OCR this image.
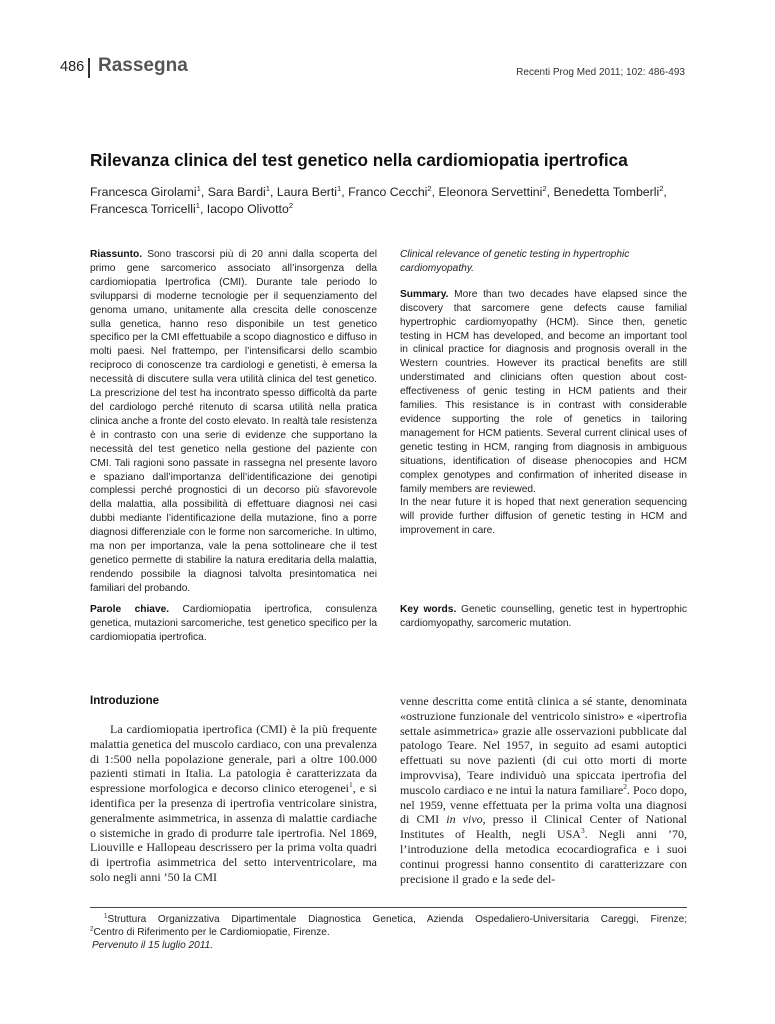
486 Rassegna	Recenti Prog Med 2011; 102: 486-493
Rilevanza clinica del test genetico nella cardiomiopatia ipertrofica
Francesca Girolami$^1$, Sara Bardi$^1$, Laura Berti$^1$, Franco Cecchi$^2$, Eleonora Servettini$^2$, Benedetta Tomberli$^2$,
Francesca Torricelli$^1$, Iacopo Olivotto$^2$
Riassunto. Sono trascorsi più di 20 anni dalla scoperta del primo gene sarcomerico associato all’insorgenza della cardiomiopatia Ipertrofica (CMI). Durante tale periodo lo svilupparsi di moderne tecnologie per il sequenziamento del genoma umano, unitamente alla crescita delle conoscenze sulla genetica, hanno reso disponibile un test genetico specifico per la CMI effettuabile a scopo diagnostico e diffuso in molti paesi. Nel frattempo, per l’intensificarsi dello scambio reciproco di conoscenze tra cardiologi e genetisti, è emersa la necessità di discutere sulla vera utilità clinica del test genetico. La prescrizione del test ha incontrato spesso difficoltà da parte del cardiologo perché ritenuto di scarsa utilità nella pratica clinica anche a fronte del costo elevato. In realtà tale resistenza è in contrasto con una serie di evidenze che supportano la necessità del test genetico nella gestione del paziente con CMI. Tali ragioni sono passate in rassegna nel presente lavoro e spaziano dall’importanza dell’identificazione dei genotipi complessi perché prognostici di un decorso più sfavorevole della malattia, alla possibilità di effettuare diagnosi nei casi dubbi mediante l’identificazione della mutazione, fino a porre diagnosi differenziale con le forme non sarcomeriche. In ultimo, ma non per importanza, vale la pena sottolineare che il test genetico permette di stabilire la natura ereditaria della malattia, rendendo possibile la diagnosi talvolta presintomatica nei familiari del probando.
Clinical relevance of genetic testing in hypertrophic cardiomyopathy.
Summary. More than two decades have elapsed since the discovery that sarcomere gene defects cause familial hypertrophic cardiomyopathy (HCM). Since then, genetic testing in HCM has developed, and become an important tool in clinical practice for diagnosis and prognosis overall in the Western countries. However its practical benefits are still understimated and clinicians often question about cost-effectiveness of genic testing in HCM patients and their families. This resistance is in contrast with considerable evidence supporting the role of genetics in tailoring management for HCM patients. Several current clinical uses of genetic testing in HCM, ranging from diagnosis in ambiguous situations, identification of disease phenocopies and HCM complex genotypes and confirmation of inherited disease in family members are reviewed.
In the near future it is hoped that next generation sequencing will provide further diffusion of genetic testing in HCM and improvement in care.
Parole chiave. Cardiomiopatia ipertrofica, consulenza genetica, mutazioni sarcomeriche, test genetico specifico per la cardiomiopatia ipertrofica.
Key words. Genetic counselling, genetic test in hypertrophic cardiomyopathy, sarcomeric mutation.
Introduzione
La cardiomiopatia ipertrofica (CMI) è la più frequente malattia genetica del muscolo cardiaco, con una prevalenza di 1:500 nella popolazione generale, pari a oltre 100.000 pazienti stimati in Italia. La patologia è caratterizzata da espressione morfologica e decorso clinico eterogenei$^1$, e si identifica per la presenza di ipertrofia ventricolare sinistra, generalmente asimmetrica, in assenza di malattie cardiache o sistemiche in grado di produrre tale ipertrofia. Nel 1869, Liouville e Hallopeau descrissero per la prima volta quadri di ipertrofia asimmetrica del setto interventricolare, ma solo negli anni ’50 la CMI
venne descritta come entità clinica a sé stante, denominata «ostruzione funzionale del ventricolo sinistro» e «ipertrofia settale asimmetrica» grazie alle osservazioni pubblicate dal patologo Teare. Nel 1957, in seguito ad esami autoptici effettuati su nove pazienti (di cui otto morti di morte improvvisa), Teare individuò una spiccata ipertrofia del muscolo cardiaco e ne intuì la natura familiare$^2$. Poco dopo, nel 1959, venne effettuata per la prima volta una diagnosi di CMI in vivo, presso il Clinical Center of National Institutes of Health, negli USA$^3$. Negli anni ’70, l’introduzione della metodica ecocardiografica e i suoi continui progressi hanno consentito di caratterizzare con precisione il grado e la sede del-
$^1$Struttura Organizzativa Dipartimentale Diagnostica Genetica, Azienda Ospedaliero-Universitaria Careggi, Firenze;
$^2$Centro di Riferimento per le Cardiomiopatie, Firenze.
Pervenuto il 15 luglio 2011.
